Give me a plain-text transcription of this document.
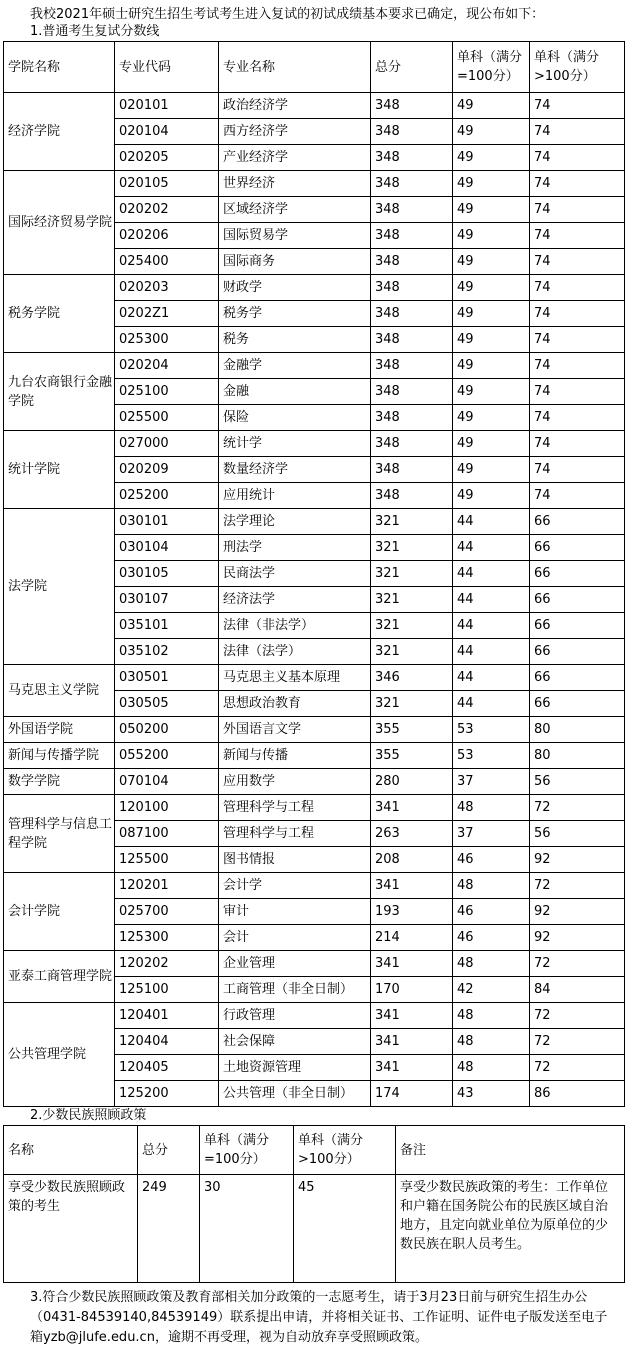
我校2021年硕士研究生招生考试考生进入复试的初试成绩基本要求已确定，现公布如下：
1.普通考生复试分数线
学院名称	专业代码	专业名称	总分	单科（满分=100分）	单科（满分>100分）
经济学院	020101	政治经济学	348	49	74
	020104	西方经济学	348	49	74
	020205	产业经济学	348	49	74
国际经济贸易学院	020105	世界经济	348	49	74
	020202	区域经济学	348	49	74
	020206	国际贸易学	348	49	74
	025400	国际商务	348	49	74
税务学院	020203	财政学	348	49	74
	0202Z1	税务学	348	49	74
	025300	税务	348	49	74
九台农商银行金融学院	020204	金融学	348	49	74
	025100	金融	348	49	74
	025500	保险	348	49	74
统计学院	027000	统计学	348	49	74
	020209	数量经济学	348	49	74
	025200	应用统计	348	49	74
法学院	030101	法学理论	321	44	66
	030104	刑法学	321	44	66
	030105	民商法学	321	44	66
	030107	经济法学	321	44	66
	035101	法律（非法学）	321	44	66
	035102	法律（法学）	321	44	66
马克思主义学院	030501	马克思主义基本原理	346	44	66
	030505	思想政治教育	321	44	66
外国语学院	050200	外国语言文学	355	53	80
新闻与传播学院	055200	新闻与传播	355	53	80
数学学院	070104	应用数学	280	37	56
管理科学与信息工程学院	120100	管理科学与工程	341	48	72
	087100	管理科学与工程	263	37	56
	125500	图书情报	208	46	92
会计学院	120201	会计学	341	48	72
	025700	审计	193	46	92
	125300	会计	214	46	92
亚泰工商管理学院	120202	企业管理	341	48	72
	125100	工商管理（非全日制）	170	42	84
公共管理学院	120401	行政管理	341	48	72
	120404	社会保障	341	48	72
	120405	土地资源管理	341	48	72
	125200	公共管理（非全日制）	174	43	86
2.少数民族照顾政策
名称	总分	单科（满分=100分）	单科（满分>100分）	备注
享受少数民族照顾政策的考生	249	30	45	享受少数民族政策的考生：工作单位和户籍在国务院公布的民族区域自治地方，且定向就业单位为原单位的少数民族在职人员考生。
3.符合少数民族照顾政策及教育部相关加分政策的一志愿考生，请于3月23日前与研究生招生办公
（0431-84539140,84539149）联系提出申请，并将相关证书、工作证明、证件电子版发送至电子
箱yzb@jlufe.edu.cn，逾期不再受理，视为自动放弃享受照顾政策。
